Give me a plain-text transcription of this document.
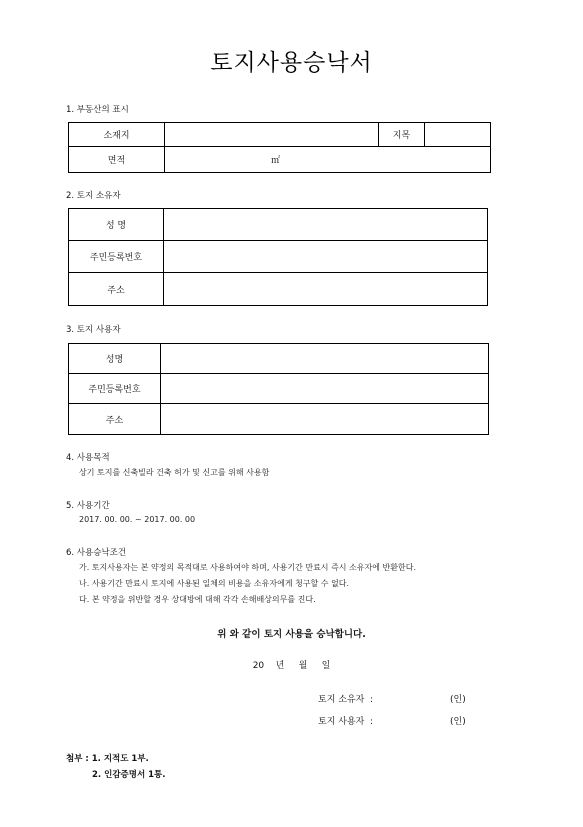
토지사용승낙서
1. 부동산의 표시
소재지		지목	
면적	㎡		
2. 토지 소유자
성 명	
주민등록번호	
주소	
3. 토지 사용자
성명	
주민등록번호	
주소	
4. 사용목적
상기 토지를 신축빌라 건축 허가 및 신고를 위해 사용함
5. 사용기간
2017. 00. 00. ~ 2017. 00. 00
6. 사용승낙조건
가. 토지사용자는 본 약정의 목적대로 사용하여야 하며, 사용기간 만료시 즉시 소유자에 반환한다.
나. 사용기간 만료시 토지에 사용된 일체의 비용을 소유자에게 청구할 수 없다.
다. 본 약정을 위반할 경우 상대방에 대해 각각 손해배상의무를 진다.
위 와 같이 토지 사용을 승낙합니다.
20    년     월     일
토지 소유자  :	(인)
토지 사용자  :	(인)
첨부 : 1. 지적도 1부.
2. 인감증명서 1통.
